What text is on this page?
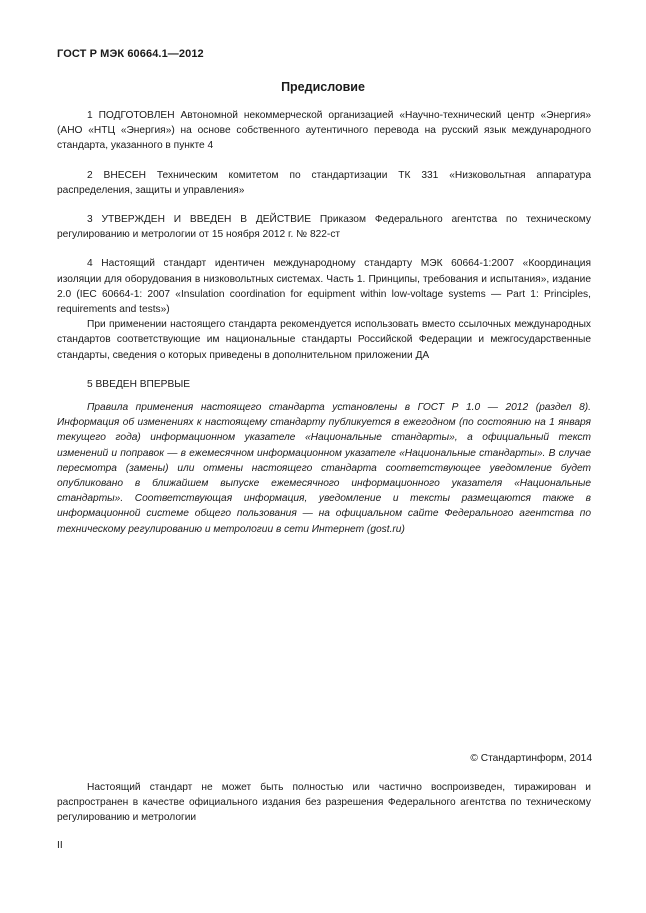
ГОСТ Р МЭК 60664.1—2012
Предисловие

1 ПОДГОТОВЛЕН Автономной некоммерческой организацией «Научно-технический центр «Энергия» (АНО «НТЦ «Энергия») на основе собственного аутентичного перевода на русский язык международного стандарта, указанного в пункте 4

2 ВНЕСЕН Техническим комитетом по стандартизации ТК 331 «Низковольтная аппаратура распределения, защиты и управления»

3 УТВЕРЖДЕН И ВВЕДЕН В ДЕЙСТВИЕ Приказом Федерального агентства по техническому регулированию и метрологии от 15 ноября 2012 г. № 822-ст

4 Настоящий стандарт идентичен международному стандарту МЭК 60664-1:2007 «Координация изоляции для оборудования в низковольтных системах. Часть 1. Принципы, требования и испытания», издание 2.0 (IEC 60664-1: 2007 «Insulation coordination for equipment within low-voltage systems — Part 1: Principles, requirements and tests»)

При применении настоящего стандарта рекомендуется использовать вместо ссылочных международных стандартов соответствующие им национальные стандарты Российской Федерации и межгосударственные стандарты, сведения о которых приведены в дополнительном приложении ДА

5 ВВЕДЕН ВПЕРВЫЕ

Правила применения настоящего стандарта установлены в ГОСТ Р 1.0 — 2012 (раздел 8). Информация об изменениях к настоящему стандарту публикуется в ежегодном (по состоянию на 1 января текущего года) информационном указателе «Национальные стандарты», а официальный текст изменений и поправок — в ежемесячном информационном указателе «Национальные стандарты». В случае пересмотра (замены) или отмены настоящего стандарта соответствующее уведомление будет опубликовано в ближайшем выпуске ежемесячного информационного указателя «Национальные стандарты». Соответствующая информация, уведомление и тексты размещаются также в информационной системе общего пользования — на официальном сайте Федерального агентства по техническому регулированию и метрологии в сети Интернет (gost.ru)

© Стандартинформ, 2014

Настоящий стандарт не может быть полностью или частично воспроизведен, тиражирован и распространен в качестве официального издания без разрешения Федерального агентства по техническому регулированию и метрологии

II
